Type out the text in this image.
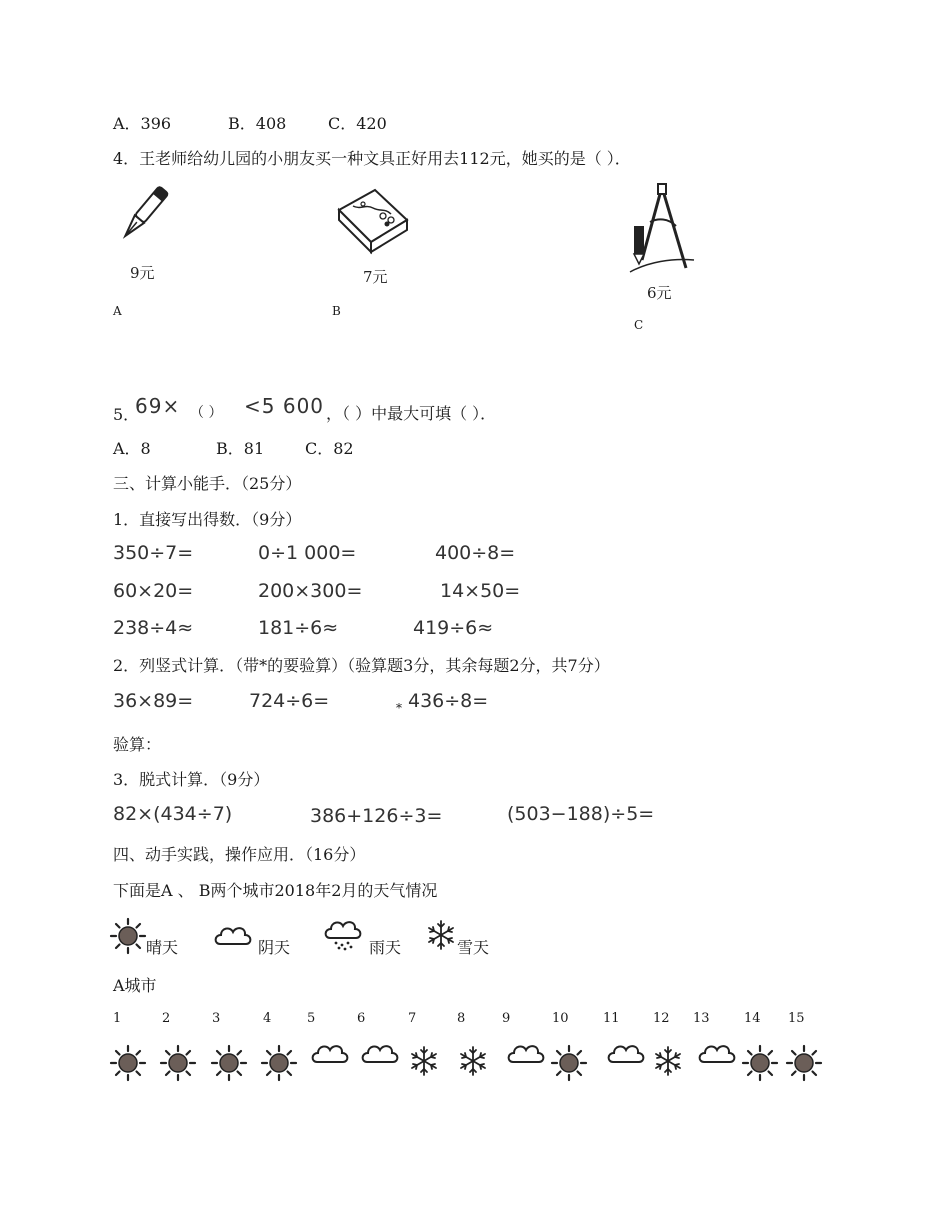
A．396	B．408	C．420
4．王老师给幼儿园的小朋友买一种文具正好用去112元，她买的是（ ）．
9元
A
7元
B
6元
C
5．
69× （ ） <5 600 ，（ ）中最大可填（ ）．
A．8	B．81	C．82
三、计算小能手．（25分）
1．直接写出得数．（9分）
350÷7=	0÷1 000=	400÷8=
60×20=	200×300=	14×50=
238÷4≈	181÷6≈	419÷6≈
2．列竖式计算．（带*的要验算）（验算题3分，其余每题2分，共7分）
36×89=	724÷6=	* 436÷8=
验算：
3．脱式计算．（9分）
82×(434÷7)	386+126÷3=	(503−188)÷5=
四、动手实践，操作应用．（16分）
下面是A 、 B两个城市2018年2月的天气情况
晴天	阴天	雨天	雪天
A城市
1	2	3	4	5	6	7	8	9	10	11	12 13	14 15
